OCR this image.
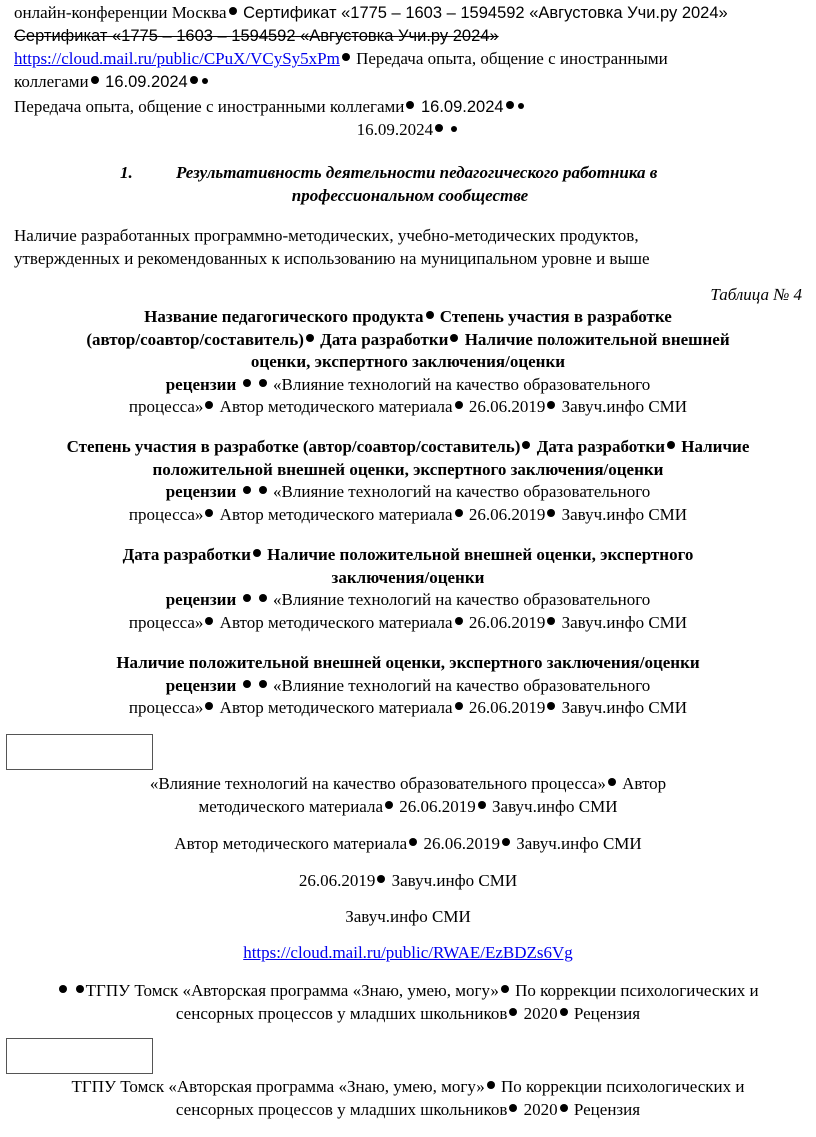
онлайн-конференции Москва Сертификат «1775 – 1603 – 1594592 «Августовка Учи.ру 2024»
Сертификат «1775 – 1603 – 1594592 «Августовка Учи.ру 2024»
https://cloud.mail.ru/public/CPuX/VCySy5xPm Передача опыта, общение с иностранными
коллегами 16.09.2024
Передача опыта, общение с иностранными коллегами 16.09.2024
16.09.2024
1.	Результативность деятельности педагогического работника в
профессиональном сообществе
Наличие разработанных программно-методических, учебно-методических продуктов,
утвержденных и рекомендованных к использованию на муниципальном уровне и выше
Таблица № 4
Название педагогического продукта Степень участия в разработке
(автор/соавтор/составитель) Дата разработки Наличие положительной внешней
оценки, экспертного заключения/оценки
рецензии   «Влияние технологий на качество образовательного
процесса» Автор методического материала 26.06.2019 Завуч.инфо СМИ
Степень участия в разработке (автор/соавтор/составитель) Дата разработки Наличие
положительной внешней оценки, экспертного заключения/оценки
рецензии   «Влияние технологий на качество образовательного
процесса» Автор методического материала 26.06.2019 Завуч.инфо СМИ
Дата разработки Наличие положительной внешней оценки, экспертного
заключения/оценки
рецензии   «Влияние технологий на качество образовательного
процесса» Автор методического материала 26.06.2019 Завуч.инфо СМИ
Наличие положительной внешней оценки, экспертного заключения/оценки
рецензии   «Влияние технологий на качество образовательного
процесса» Автор методического материала 26.06.2019 Завуч.инфо СМИ
«Влияние технологий на качество образовательного процесса» Автор
методического материала 26.06.2019 Завуч.инфо СМИ
Автор методического материала 26.06.2019 Завуч.инфо СМИ
26.06.2019 Завуч.инфо СМИ
Завуч.инфо СМИ
https://cloud.mail.ru/public/RWAE/EzBDZs6Vg
ТГПУ Томск «Авторская программа «Знаю, умею, могу» По коррекции психологических и
сенсорных процессов у младших школьников 2020 Рецензия
ТГПУ Томск «Авторская программа «Знаю, умею, могу» По коррекции психологических и
сенсорных процессов у младших школьников 2020 Рецензия
